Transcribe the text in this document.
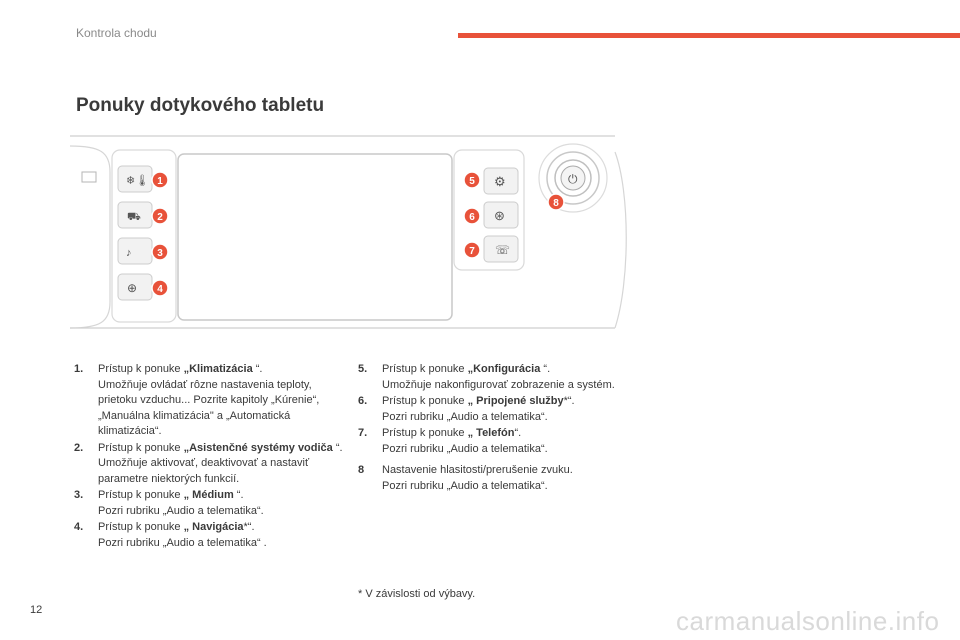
Kontrola chodu
Ponuky dotykového tabletu
❄🌡
⛟
♪
⊕
⚙
⊛
☏
⏻
1
2
3
4
5
6
7
8
1. Prístup k ponuke „Klimatizácia “.

Umožňuje ovládať rôzne nastavenia teploty, prietoku vzduchu... Pozrite kapitoly „Kúrenie“, „Manuálna klimatizácia" a „Automatická klimatizácia“.

2. Prístup k ponuke „Asistenčné systémy vodiča “.

Umožňuje aktivovať, deaktivovať a nastaviť parametre niektorých funkcií.

3. Prístup k ponuke „ Médium “.

Pozri rubriku „Audio a telematika“.

4. Prístup k ponuke „ Navigácia*“.

Pozri rubriku „Audio a telematika“ .

5. Prístup k ponuke „Konfigurácia “.

Umožňuje nakonfigurovať zobrazenie a systém.

6. Prístup k ponuke „ Pripojené služby*“.

Pozri rubriku „Audio a telematika“.

7. Prístup k ponuke „ Telefón“.

Pozri rubriku „Audio a telematika“.

8 Nastavenie hlasitosti/prerušenie zvuku.

Pozri rubriku „Audio a telematika“.

* V závislosti od výbavy.
12	carmanualsonline.info
